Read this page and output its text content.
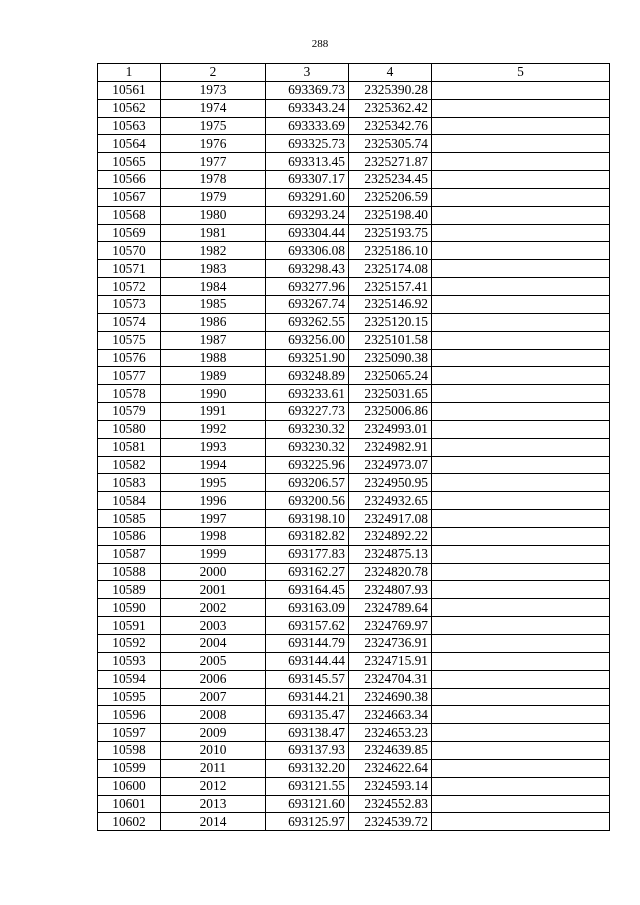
288
1	2	3	4	5
10561	1973	693369.73	2325390.28	
10562	1974	693343.24	2325362.42	
10563	1975	693333.69	2325342.76	
10564	1976	693325.73	2325305.74	
10565	1977	693313.45	2325271.87	
10566	1978	693307.17	2325234.45	
10567	1979	693291.60	2325206.59	
10568	1980	693293.24	2325198.40	
10569	1981	693304.44	2325193.75	
10570	1982	693306.08	2325186.10	
10571	1983	693298.43	2325174.08	
10572	1984	693277.96	2325157.41	
10573	1985	693267.74	2325146.92	
10574	1986	693262.55	2325120.15	
10575	1987	693256.00	2325101.58	
10576	1988	693251.90	2325090.38	
10577	1989	693248.89	2325065.24	
10578	1990	693233.61	2325031.65	
10579	1991	693227.73	2325006.86	
10580	1992	693230.32	2324993.01	
10581	1993	693230.32	2324982.91	
10582	1994	693225.96	2324973.07	
10583	1995	693206.57	2324950.95	
10584	1996	693200.56	2324932.65	
10585	1997	693198.10	2324917.08	
10586	1998	693182.82	2324892.22	
10587	1999	693177.83	2324875.13	
10588	2000	693162.27	2324820.78	
10589	2001	693164.45	2324807.93	
10590	2002	693163.09	2324789.64	
10591	2003	693157.62	2324769.97	
10592	2004	693144.79	2324736.91	
10593	2005	693144.44	2324715.91	
10594	2006	693145.57	2324704.31	
10595	2007	693144.21	2324690.38	
10596	2008	693135.47	2324663.34	
10597	2009	693138.47	2324653.23	
10598	2010	693137.93	2324639.85	
10599	2011	693132.20	2324622.64	
10600	2012	693121.55	2324593.14	
10601	2013	693121.60	2324552.83	
10602	2014	693125.97	2324539.72	
